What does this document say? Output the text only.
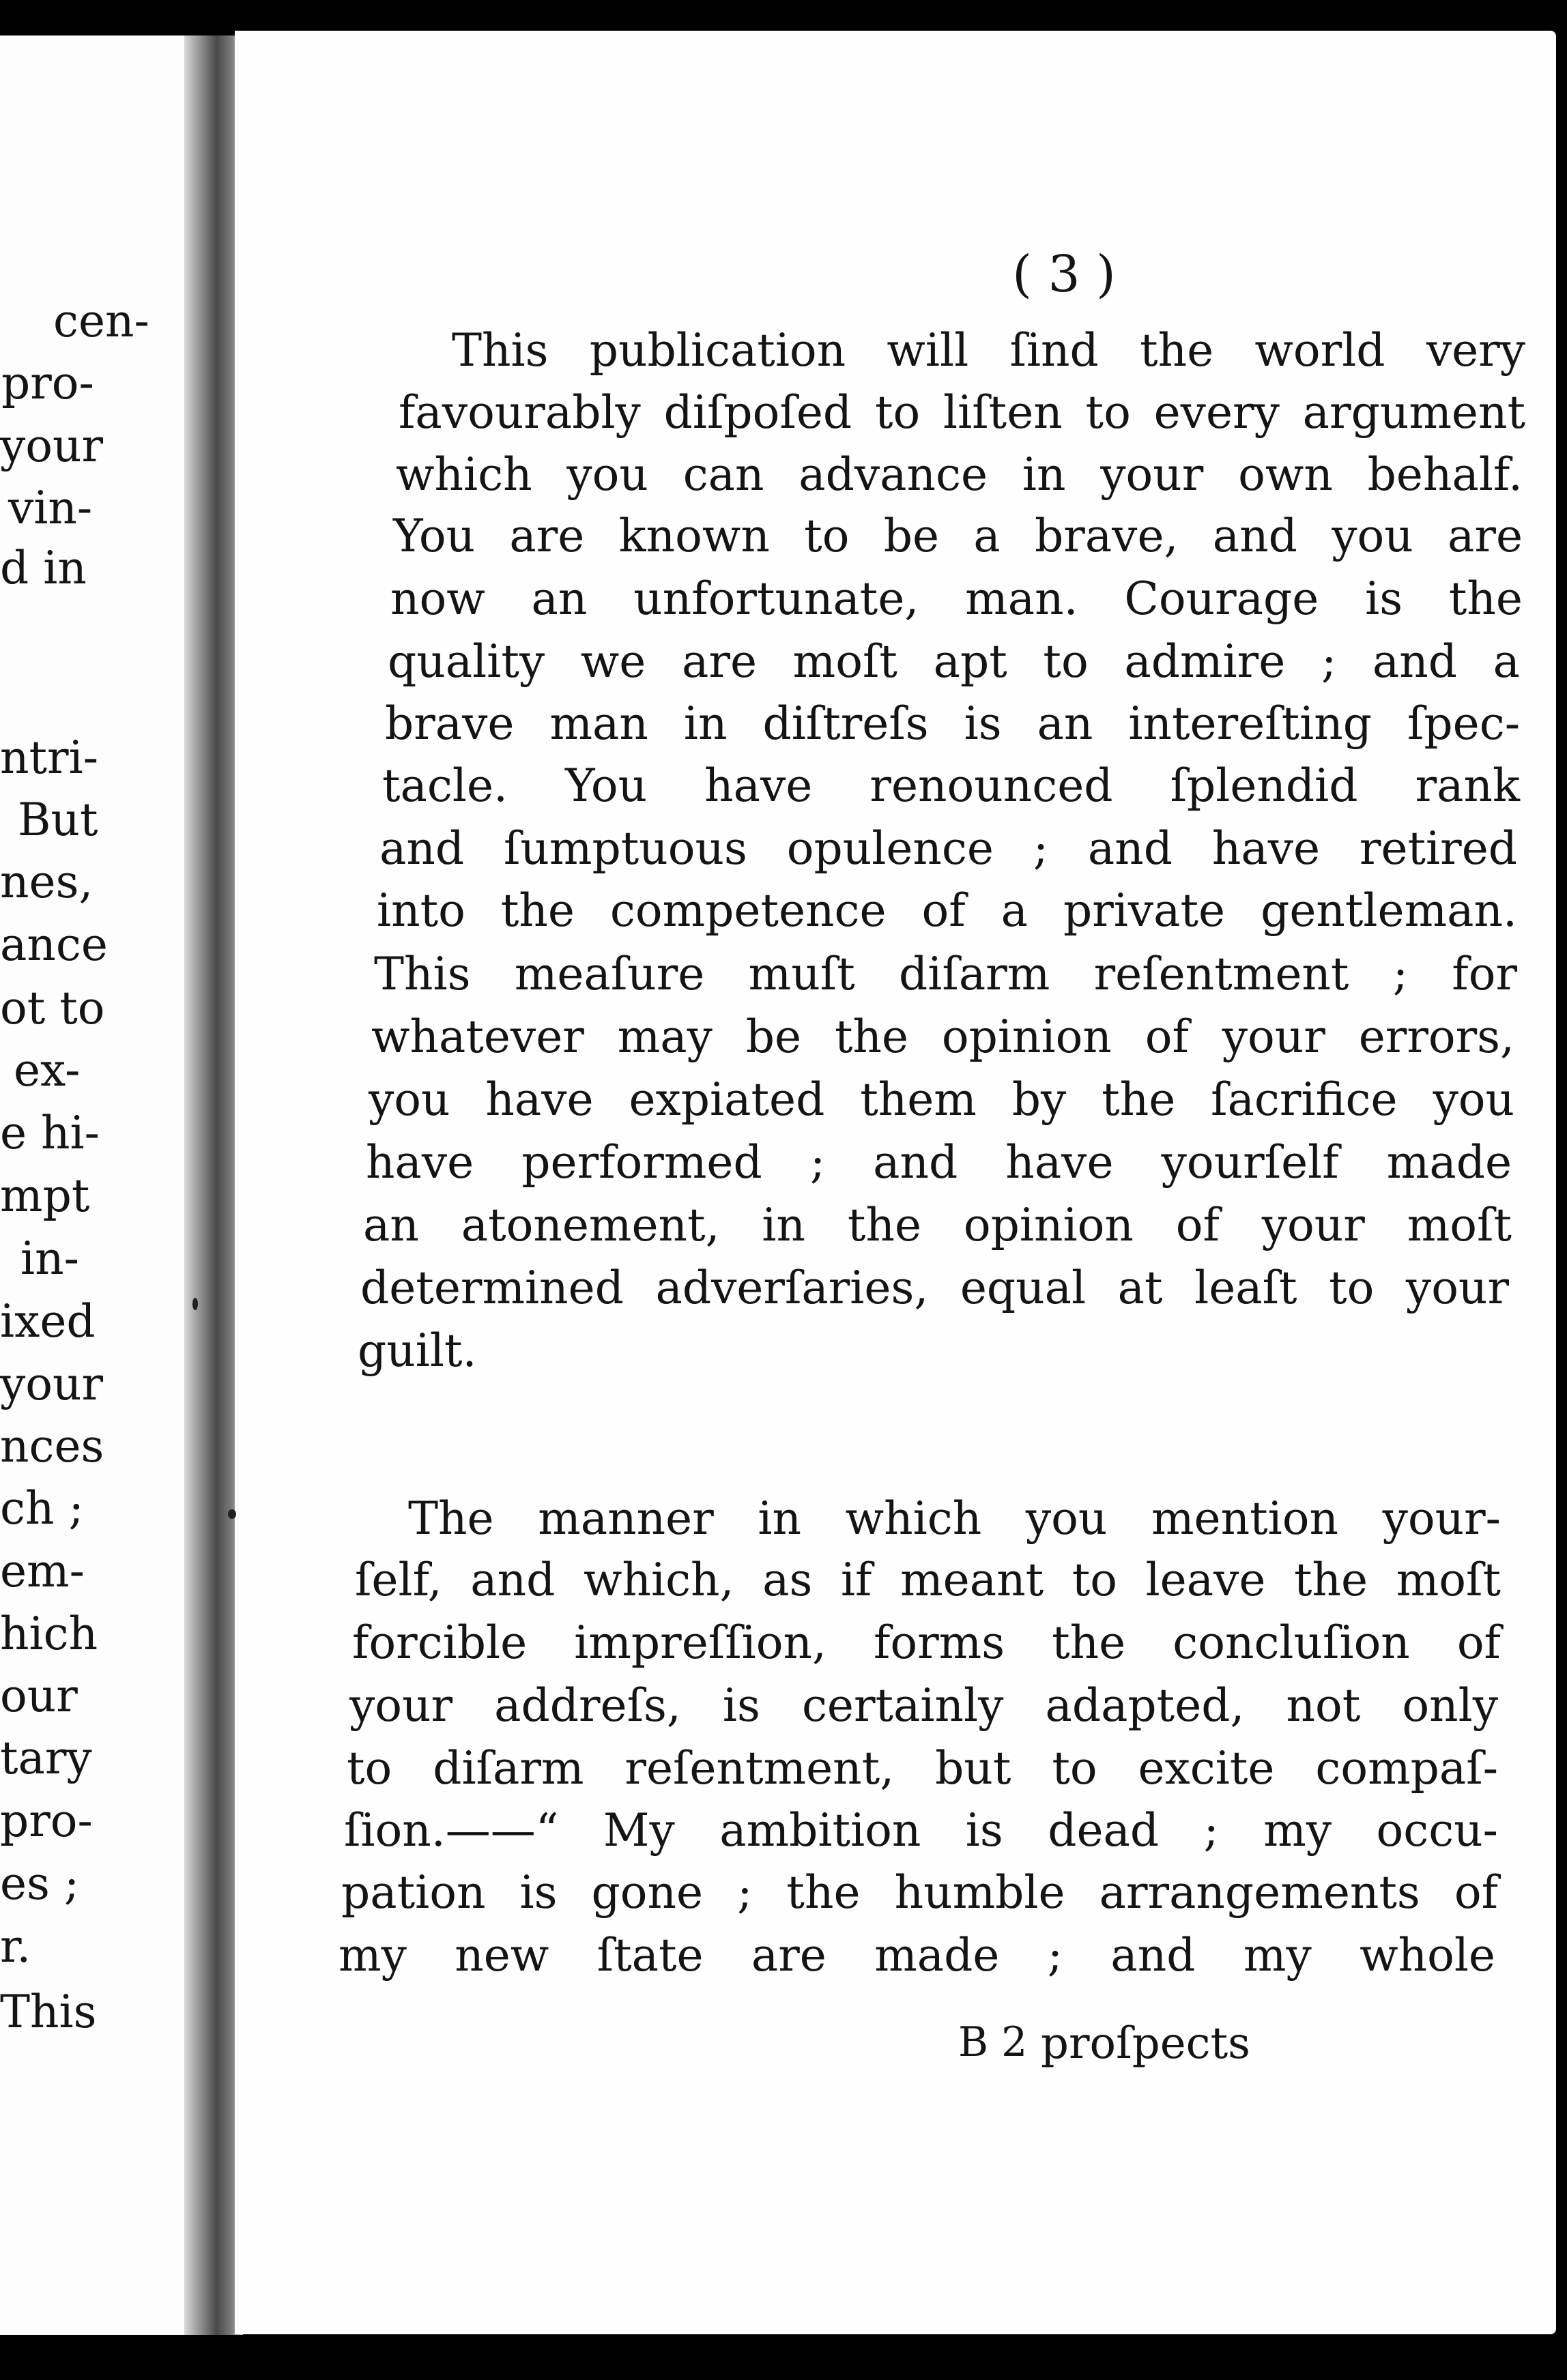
cen-
pro-
your
vin-
d in
ntri-
But
nes,
ance
ot to
ex-
e hi-
mpt
in-
ixed
your
nces
ch ;
em-
hich
our
tary
pro-
es ;
r.
This
( 3 )
This publication will ſind the world very
favourably diſpoſed to liſten to every argument
which you can advance in your own behalf.
You are known to be a brave, and you are
now an unfortunate, man. Courage is the
quality we are moſt apt to admire ; and a
brave man in diſtreſs is an intereſting ſpec-
tacle. You have renounced ſplendid rank
and ſumptuous opulence ; and have retired
into the competence of a private gentleman.
This meaſure muſt diſarm reſentment ; for
whatever may be the opinion of your errors,
you have expiated them by the ſacrifice you
have performed ; and have yourſelf made
an atonement, in the opinion of your moſt
determined adverſaries, equal at leaſt to your
guilt.
The manner in which you mention your-
ſelf, and which, as if meant to leave the moſt
forcible impreſſion, forms the concluſion of
your addreſs, is certainly adapted, not only
to diſarm reſentment, but to excite compaſ-
ſion.——“ My ambition is dead ; my occu-
pation is gone ; the humble arrangements of
my new ſtate are made ; and my whole
B 2 proſpects
